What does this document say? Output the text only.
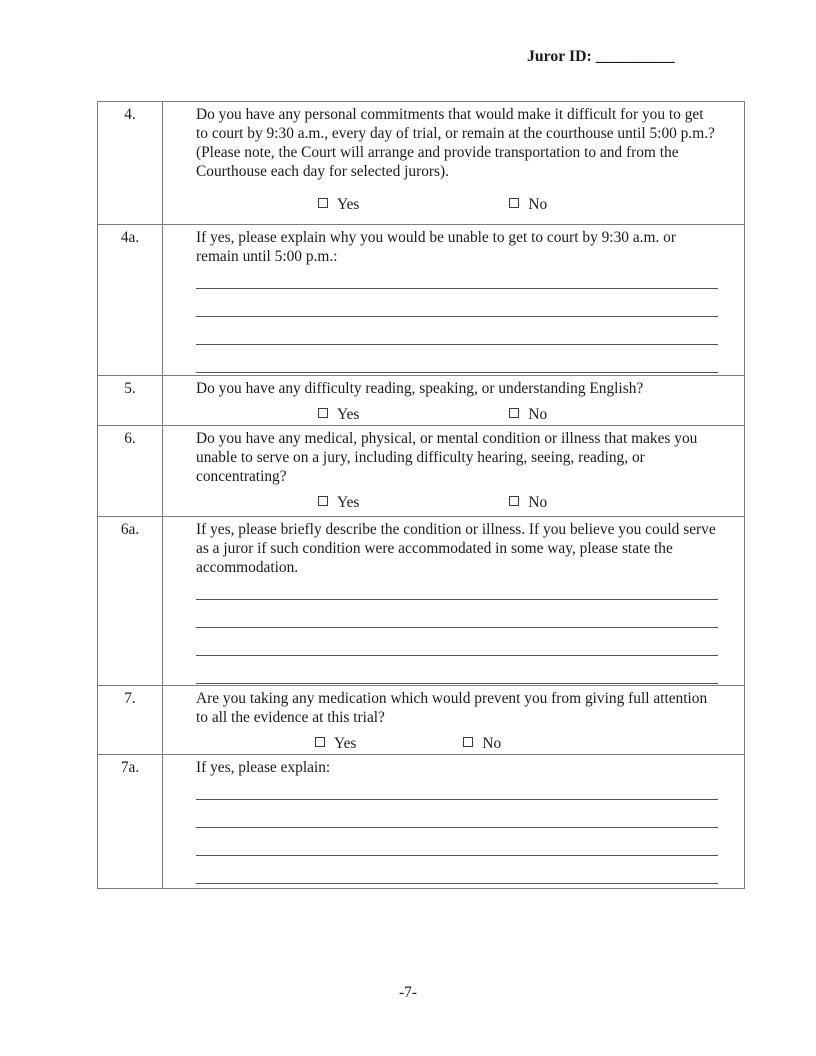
Juror ID: __________
4.	Do you have any personal commitments that would make it difficult for you to get to court by 9:30 a.m., every day of trial, or remain at the courthouse until 5:00 p.m.? (Please note, the Court will arrange and provide transportation to and from the Courthouse each day for selected jurors).
Yes	No
4a.	If yes, please explain why you would be unable to get to court by 9:30 a.m. or remain until 5:00 p.m.:
5.	Do you have any difficulty reading, speaking, or understanding English?
Yes	No
6.	Do you have any medical, physical, or mental condition or illness that makes you unable to serve on a jury, including difficulty hearing, seeing, reading, or concentrating?
Yes	No
6a.	If yes, please briefly describe the condition or illness. If you believe you could serve as a juror if such condition were accommodated in some way, please state the accommodation.
7.	Are you taking any medication which would prevent you from giving full attention to all the evidence at this trial?
Yes	No
7a.	If yes, please explain:
-7-
